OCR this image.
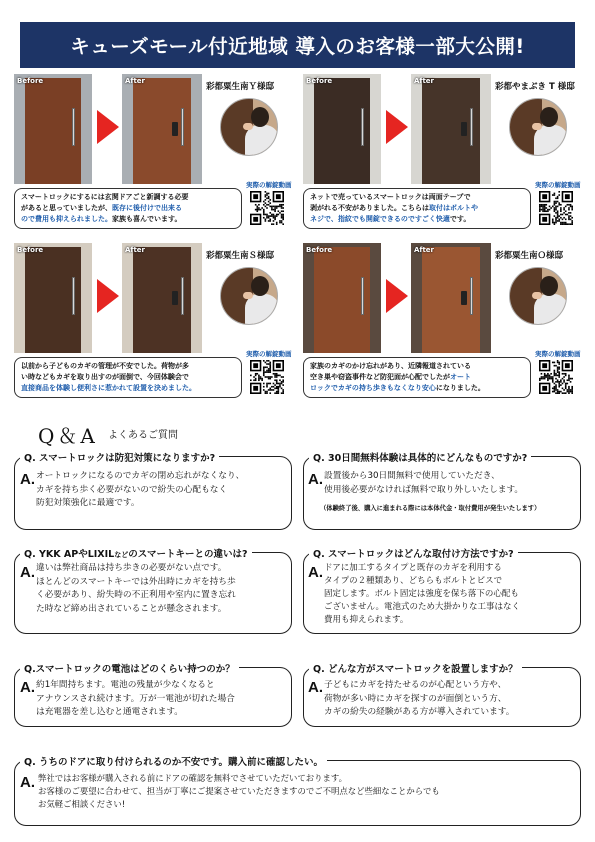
キューズモール付近地域 導入のお客様一部大公開!
Before	After
彩都粟生南Ｙ様邸
スマートロックにするには玄関ドアごと新調する必要
があると思っていましたが、既存に後付けで出来る
ので費用も抑えられました。家族も喜んでいます。
実際の解錠動画
Before	After
彩都やまぶき T 様邸
ネットで売っているスマートロックは両面テープで
剥がれる不安がありました。こちらは取付はボルトや
ネジで、指紋でも開錠できるのですごく快適です。
実際の解錠動画
Before	After
彩都粟生南Ｓ様邸
以前から子どものカギの管理が不安でした。荷物が多
い時などもカギを取り出すのが面倒で、今回体験会で
直接商品を体験し便利さに惹かれて設置を決めました。
実際の解錠動画
Before	After
彩都粟生南Ｏ様邸
家族のカギのかけ忘れがあり、近隣報道されている
空き巣や窃盗事件など防犯面が心配でしたがオート
ロックでカギの持ち歩きもなくなり安心になりました。
実際の解錠動画
Q＆A よくあるご質問
Q. スマートロックは防犯対策になりますか?
A. オートロックになるのでカギの閉め忘れがなくなり、
カギを持ち歩く必要がないので紛失の心配もなく
防犯対策強化に最適です。
Q. 30日間無料体験は具体的にどんなものですか?
A. 設置後から30日間無料で使用していただき、
使用後必要がなければ無料で取り外しいたします。
（体験終了後、購入に進まれる際には本体代金・取付費用が発生いたします）
Q. YKK APやLIXILなどのスマートキーとの違いは?
A. 違いは弊社商品は持ち歩きの必要がない点です。
ほとんどのスマートキーでは外出時にカギを持ち歩
く必要があり、紛失時の不正利用や室内に置き忘れ
た時など締め出されていることが懸念されます。
Q. スマートロックはどんな取付け方法ですか?
A. ドアに加工するタイプと既存のカギを利用する
タイプの２種類あり、どちらもボルトとビスで
固定します。ボルト固定は強度を保ち落下の心配も
ございません。電池式のため大掛かりな工事はなく
費用も抑えられます。
Q.スマートロックの電池はどのくらい持つのか？
A. 約1年間持ちます。電池の残量が少なくなると
アナウンスされ続けます。万が一電池が切れた場合
は充電器を差し込むと通電されます。
Q. どんな方がスマートロックを設置しますか？
A. 子どもにカギを持たせるのが心配という方や、
荷物が多い時にカギを探すのが面倒という方、
カギの紛失の経験がある方が導入されています。
Q. うちのドアに取り付けられるのか不安です。購入前に確認したい。
A. 弊社ではお客様が購入される前にドアの確認を無料でさせていただいております。
お客様のご要望に合わせて、担当が丁寧にご提案させていただきますのでご不明点など些細なことからでも
お気軽ご相談ください!
